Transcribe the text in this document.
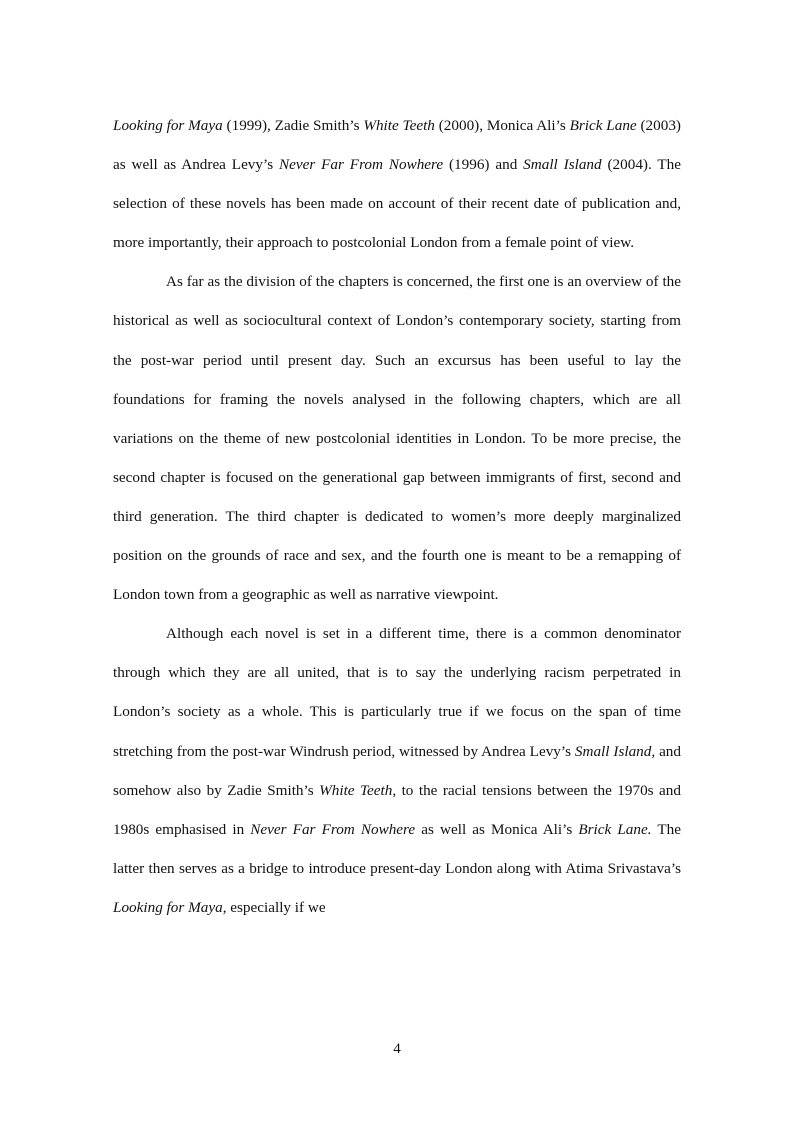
Looking for Maya (1999), Zadie Smith’s White Teeth (2000), Monica Ali’s Brick Lane (2003) as well as Andrea Levy’s Never Far From Nowhere (1996) and Small Island (2004). The selection of these novels has been made on account of their recent date of publication and, more importantly, their approach to postcolonial London from a female point of view.

As far as the division of the chapters is concerned, the first one is an overview of the historical as well as sociocultural context of London’s contemporary society, starting from the post-war period until present day. Such an excursus has been useful to lay the foundations for framing the novels analysed in the following chapters, which are all variations on the theme of new postcolonial identities in London. To be more precise, the second chapter is focused on the generational gap between immigrants of first, second and third generation. The third chapter is dedicated to women’s more deeply marginalized position on the grounds of race and sex, and the fourth one is meant to be a remapping of London town from a geographic as well as narrative viewpoint.

Although each novel is set in a different time, there is a common denominator through which they are all united, that is to say the underlying racism perpetrated in London’s society as a whole. This is particularly true if we focus on the span of time stretching from the post-war Windrush period, witnessed by Andrea Levy’s Small Island, and somehow also by Zadie Smith’s White Teeth, to the racial tensions between the 1970s and 1980s emphasised in Never Far From Nowhere as well as Monica Ali’s Brick Lane. The latter then serves as a bridge to introduce present-day London along with Atima Srivastava’s Looking for Maya, especially if we

4
